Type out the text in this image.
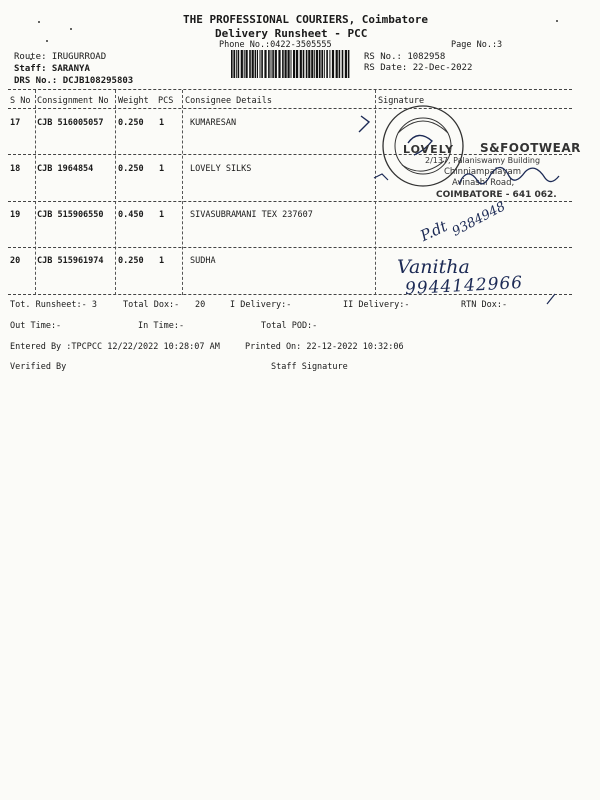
THE PROFESSIONAL COURIERS, Coimbatore
Delivery Runsheet - PCC
Phone No.:0422-3505555	Page No.:3
Route: IRUGURROAD
Staff: SARANYA
DRS No.: DCJB108295803
RS No.: 1082958
RS Date: 22-Dec-2022
S No Consignment No Weight PCS Consignee Details	Signature
17 CJB 516005057 0.250 1	KUMARESAN
18 CJB 1964854	0.250 1	LOVELY SILKS
19 CJB 515906550 0.450 1	SIVASUBRAMANI TEX 237607
20 CJB 515961974 0.250 1	SUDHA
LOVELY S&FOOTWEAR
2/137, Palaniswamy Building
Chinniampalayam
Avinashi Road,
COIMBATORE - 641 062.
P.dt 9384948
Vanitha
9944142966
Tot. Runsheet:- 3	Total Dox:- 20	I Delivery:-	II Delivery:-	RTN Dox:-
Out Time:-	In Time:-	Total POD:-
Entered By :TPCPCC 12/22/2022 10:28:07 AM	Printed On: 22-12-2022 10:32:06
Verified By	Staff Signature
